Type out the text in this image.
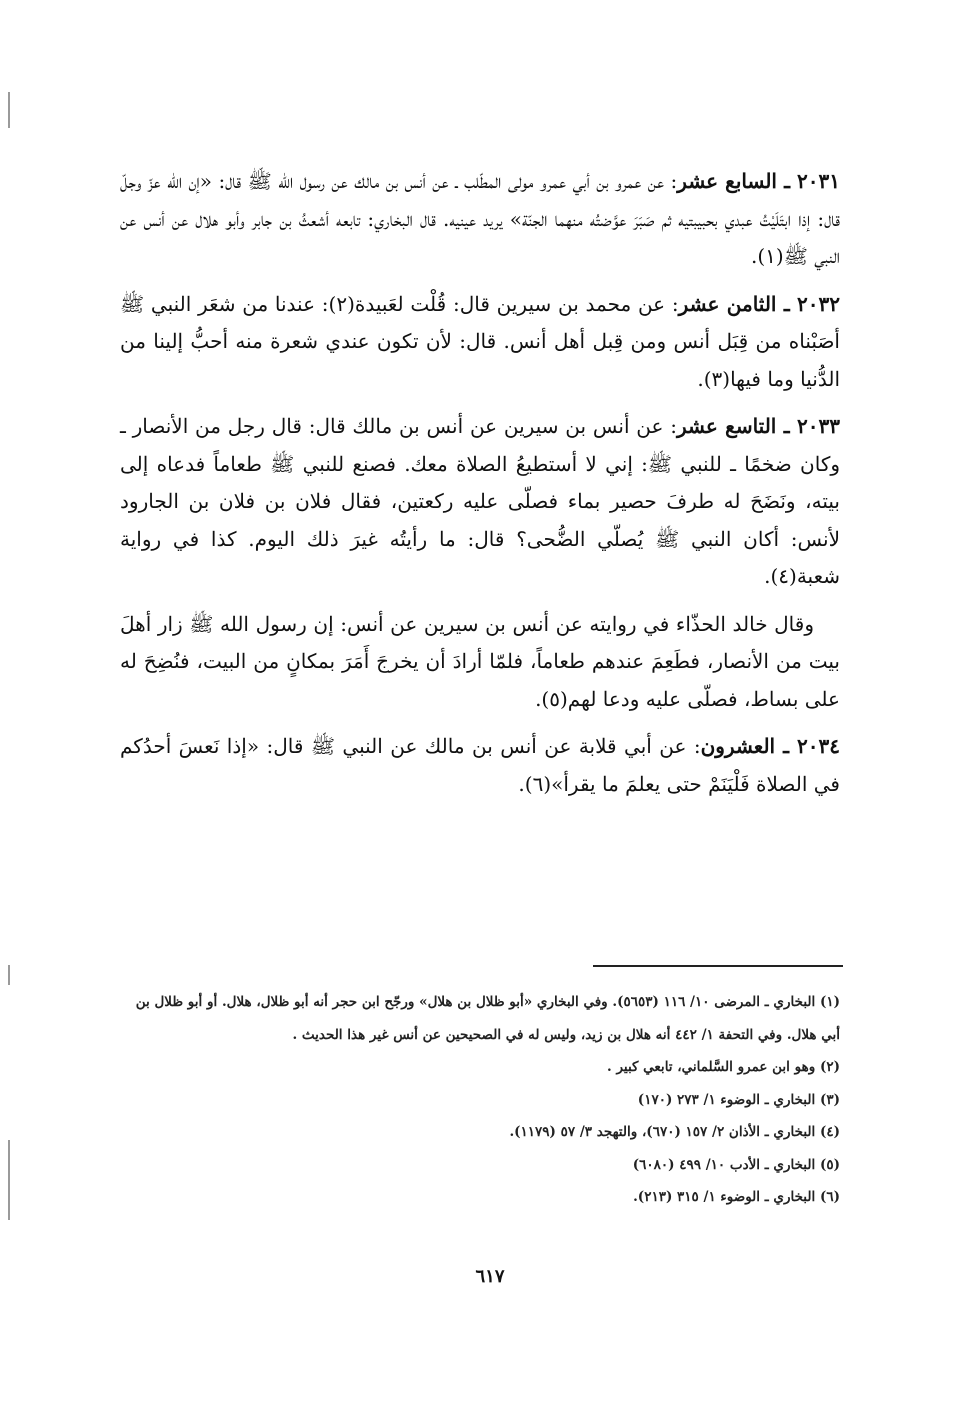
٢٠٣١ ـ السابع عشر: عن عمرو بن أبي عمرو مولى المطّلب ـ عن أنس بن مالك عن رسول الله ﷺ قال: «إن الله عزّ وجلّ قال: إذا ابتَلَيْتُ عبدي بحبيبتيه ثم صَبَرَ عوَّضتُه منهما الجنّة» يريد عينيه. قال البخاري: تابعه أشعثُ بن جابر وأبو هلال عن أنس عن النبي ﷺ(١).

٢٠٣٢ ـ الثامن عشر: عن محمد بن سيرين قال: قُلْت لعَبيدة(٢): عندنا من شعَر النبي ﷺ أصَبْناه من قِبَل أنس ومن قِبل أهل أنس. قال: لأن تكون عندي شعرة منه أحبُّ إلينا من الدُّنيا وما فيها(٣).

٢٠٣٣ ـ التاسع عشر: عن أنس بن سيرين عن أنس بن مالك قال: قال رجل من الأنصار ـ وكان ضخمًا ـ للنبي ﷺ: إني لا أستطيعُ الصلاة معك. فصنع للنبي ﷺ طعاماً فدعاه إلى بيته، ونَضَحَ له طرفَ حصير بماء فصلّى عليه ركعتين، فقال فلان بن فلان بن الجارود لأنس: أكان النبي ﷺ يُصلّي الضُّحى؟ قال: ما رأيتُه غيرَ ذلك اليوم. كذا في رواية شعبة(٤).

وقال خالد الحذّاء في روايته عن أنس بن سيرين عن أنس: إن رسول الله ﷺ زار أهلَ بيت من الأنصار، فطَعِمَ عندهم طعاماً، فلمّا أرادَ أن يخرجَ أَمَرَ بمكانٍ من البيت، فنُضِحَ له على بساط، فصلّى عليه ودعا لهم(٥).

٢٠٣٤ ـ العشرون: عن أبي قلابة عن أنس بن مالك عن النبي ﷺ قال: «إذا نَعسَ أحدُكم في الصلاة فَلْيَنَمْ حتى يعلمَ ما يقرأ»(٦).

(١) البخاري ـ المرضى ١٠/ ١١٦ (٥٦٥٣). وفي البخاري «أبو ظلال بن هلال» ورجّح ابن حجر أنه أبو ظلال، هلال. أو أبو ظلال بن أبي هلال. وفي التحفة ١/ ٤٤٢ أنه هلال بن زيد، وليس له في الصحيحين عن أنس غير هذا الحديث .

(٢) وهو ابن عمرو السَّلماني، تابعي كبير .

(٣) البخاري ـ الوضوء ١/ ٢٧٣ (١٧٠)

(٤) البخاري ـ الأذان ٢/ ١٥٧ (٦٧٠)، والتهجد ٣/ ٥٧ (١١٧٩).

(٥) البخاري ـ الأدب ١٠/ ٤٩٩ (٦٠٨٠)

(٦) البخاري ـ الوضوء ١/ ٣١٥ (٢١٣).

٦١٧
